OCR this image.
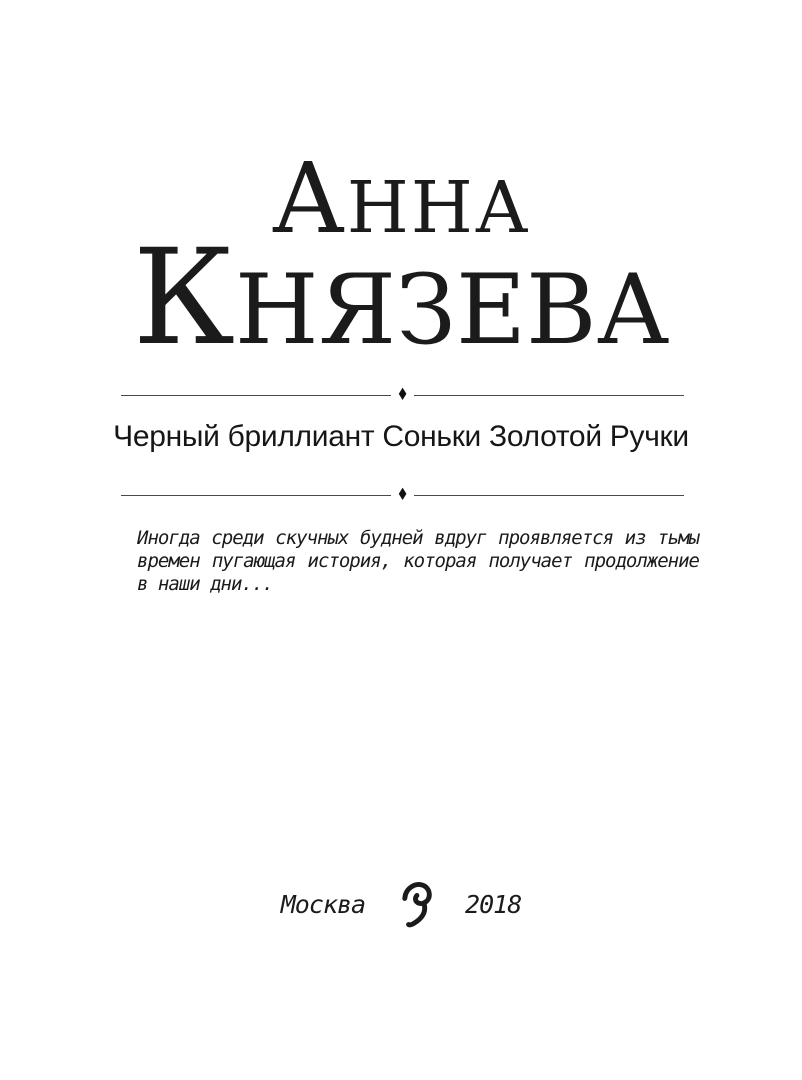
АННА
КНЯЗЕВА
♦
Черный бриллиант Соньки Золотой Ручки
♦
Иногда среди скучных будней вдруг проявляется из тьмы
времен пугающая история, которая получает продолжение
в наши дни...
Москва	2018
